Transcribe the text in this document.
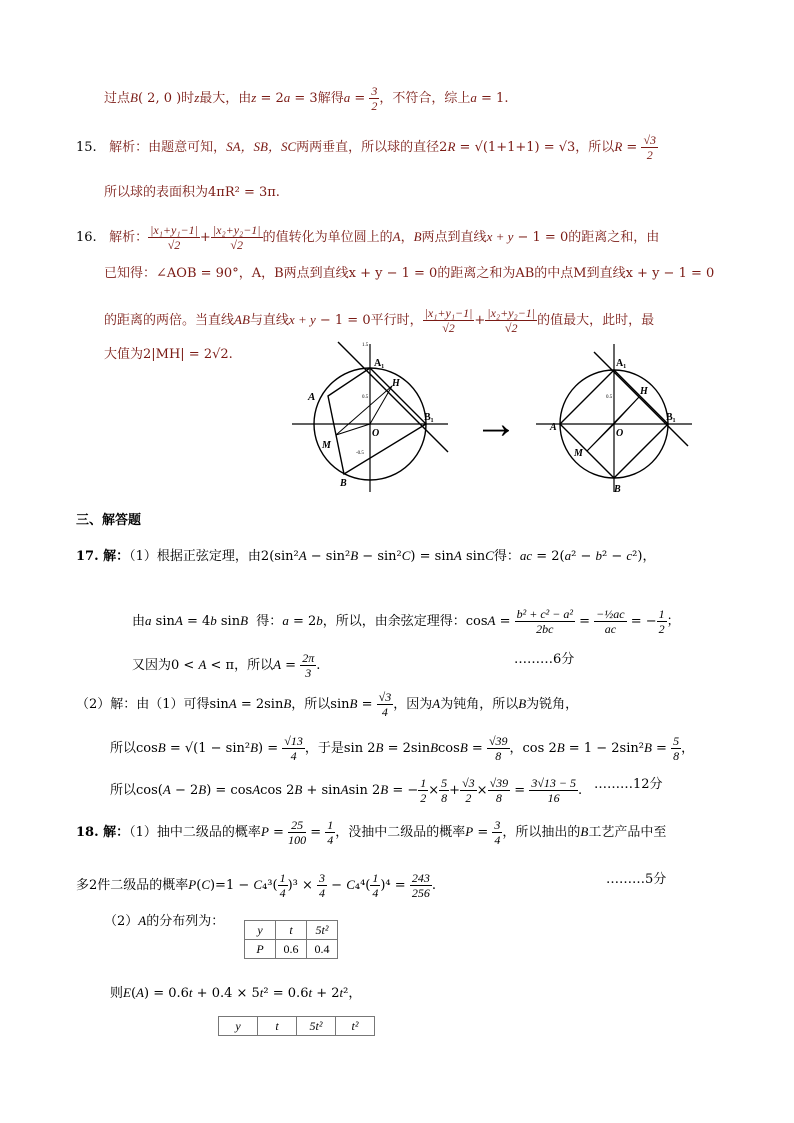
过点B( 2, 0 )时z最大，由z = 2a = 3解得$a = \frac{3}{2}$ ，不符合，综上a = 1.
15. 解析：由题意可知，SA，SB，SC两两垂直，所以球的直径2R = √(1+1+1) = √3，所以$R = \frac{√3}{2}$
所以球的表面积为4πR² = 3π.
16. 解析： $\frac{\text{|x₁+y₁−1|}}{√2} + \frac{\text{|x₂+y₂−1|}}{√2}$ 的值转化为单位圆上的A，B两点到直线x + y − 1 = 0的距离之和，由
已知得：∠AOB = 90°，A，B两点到直线x + y − 1 = 0的距离之和为AB的中点M到直线x + y − 1 = 0
的距离的两倍。当直线AB与直线x + y − 1 = 0平行时， $\frac{\text{|x₁+y₁−1|}}{√2} + \frac{\text{|x₂+y₂−1|}}{√2}$ 的值最大，此时，最
大值为2|MH| = 2√2.
A
A₁
H
B₁
O
M
B
1.5
0.5
-0.5
→	A
A₁
H
B₁
O
M
B
0.5
三、解答题
17. 解：（1）根据正弦定理，由2(sin²A − sin²B − sin²C) = sinA sinC得：ac = 2(a² − b² − c²)，
由a sinA = 4b sinB  得：a = 2b，所以，由余弦定理得：$\cos A = \frac{\text{b² + c² − a²}}{2bc} = \frac{\text{−½ac}}{ac}$ = − $\frac{1}{2}$ ；
又因为0 < A < π，所以$A = \frac{2\pi}{3}$ .	………6分
（2）解：由（1）可得sinA = 2sinB，所以$\sin B = \frac{√3}{4}$ ，因为A为钝角，所以B为锐角，
所以$\cos B = √(1 - \sin^2B) = \frac{√13}{4}$ ，于是sin 2B = 2sinBcosB = $\frac{√39}{8}$ ，$\cos 2B = 1 - 2\sin^2B = \frac{5}{8}$ ，
所以cos(A − 2B) = cosAcos 2B + sinAsin 2B = − $\frac{1}{2} \times \frac{5}{8} + \frac{√3}{2} \times \frac{√39}{8} = \frac{3√13 - 5}{16}$ . ………12分
18. 解：（1）抽中二级品的概率$P = \frac{25}{100} = \frac{1}{4}$ ，没抽中二级品的概率$P = \frac{3}{4}$ ，所以抽出的B工艺产品中至
多2件二级品的概率$P(C)=1 - C_4^3( \frac{1}{4} )^3 \times \frac{3}{4} - C_4^4( \frac{1}{4} )^4 = \frac{243}{256}$ .	………5分
（2）A的分布列为：
y	t	5t²
P	0.6	0.4
则E(A) = 0.6t + 0.4 × 5t² = 0.6t + 2t²，
y	t	5t²	t²
